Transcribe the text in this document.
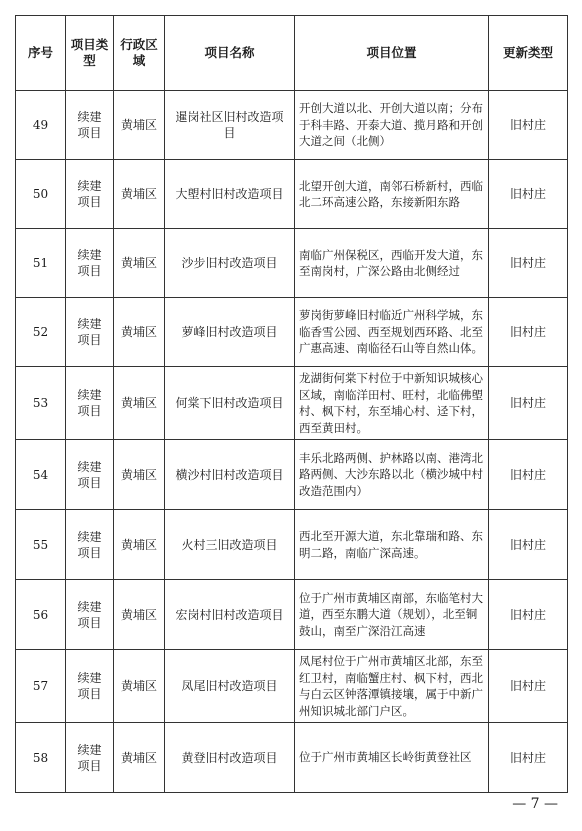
序号	项目类型	行政区域	项目名称	项目位置	更新类型
49	续建项目	黄埔区	暹岗社区旧村改造项目	开创大道以北、开创大道以南；分布于科丰路、开泰大道、揽月路和开创大道之间（北侧）	旧村庄
50	续建项目	黄埔区	大塱村旧村改造项目	北望开创大道，南邻石桥新村，西临北二环高速公路，东接新阳东路	旧村庄
51	续建项目	黄埔区	沙步旧村改造项目	南临广州保税区，西临开发大道，东至南岗村，广深公路由北侧经过	旧村庄
52	续建项目	黄埔区	萝峰旧村改造项目	萝岗街萝峰旧村临近广州科学城，东临香雪公园、西至规划西环路、北至广惠高速、南临径石山等自然山体。	旧村庄
53	续建项目	黄埔区	何棠下旧村改造项目	龙湖街何棠下村位于中新知识城核心区域，南临洋田村、旺村，北临佛塱村、枫下村，东至埔心村、迳下村，西至黄田村。	旧村庄
54	续建项目	黄埔区	横沙村旧村改造项目	丰乐北路两侧、护林路以南、港湾北路两侧、大沙东路以北（横沙城中村改造范围内）	旧村庄
55	续建项目	黄埔区	火村三旧改造项目	西北至开源大道，东北靠瑞和路、东明二路，南临广深高速。	旧村庄
56	续建项目	黄埔区	宏岗村旧村改造项目	位于广州市黄埔区南部，东临笔村大道，西至东鹏大道（规划），北至铜鼓山，南至广深沿江高速	旧村庄
57	续建项目	黄埔区	凤尾旧村改造项目	凤尾村位于广州市黄埔区北部，东至红卫村，南临蟹庄村、枫下村，西北与白云区钟落潭镇接壤，属于中新广州知识城北部门户区。	旧村庄
58	续建项目	黄埔区	黄登旧村改造项目	位于广州市黄埔区长岭街黄登社区	旧村庄
— 7 —
